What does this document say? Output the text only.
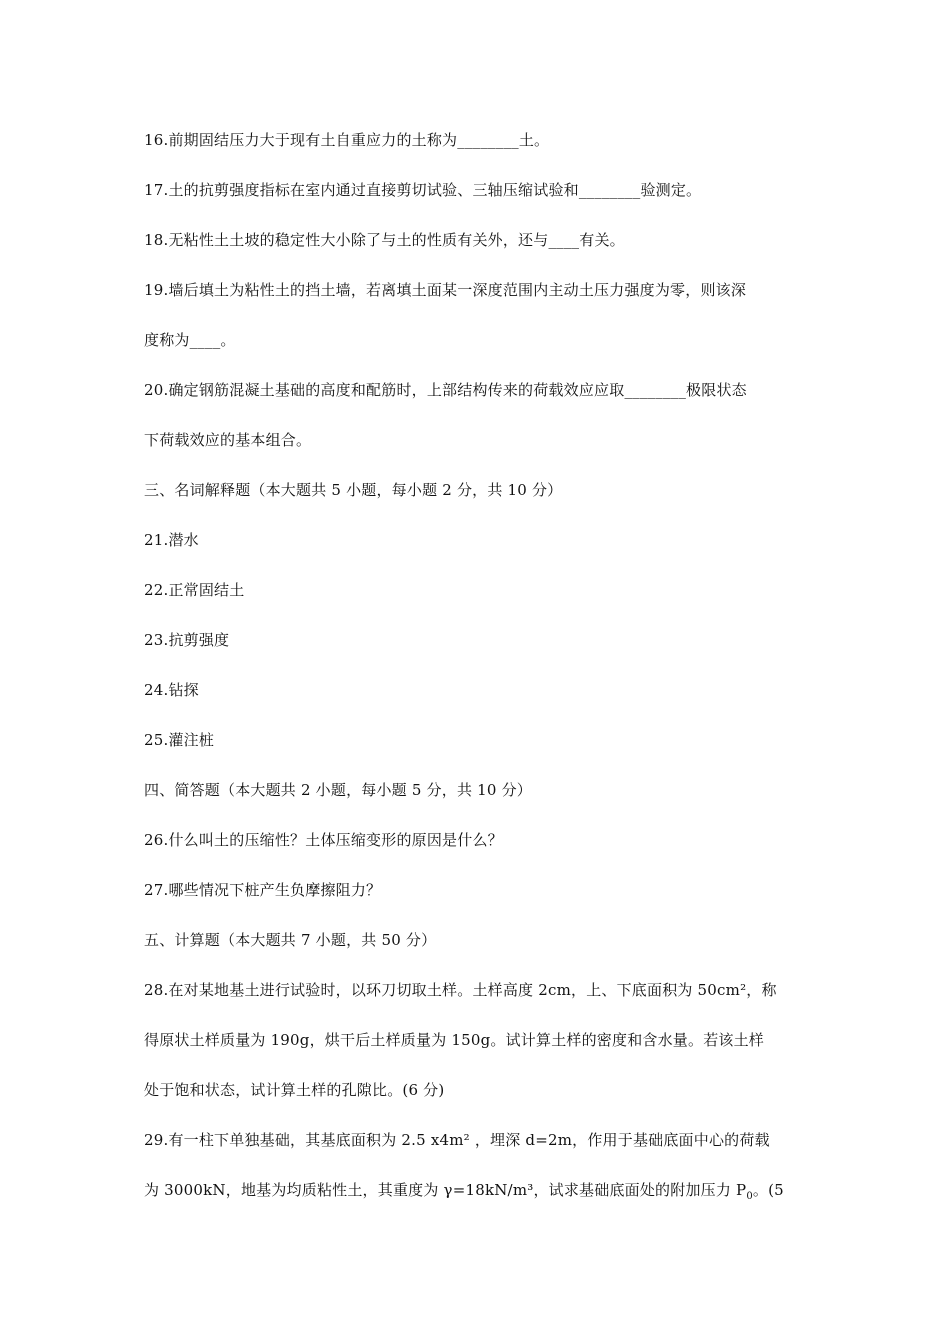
16.前期固结压力大于现有土自重应力的土称为________土。
17.土的抗剪强度指标在室内通过直接剪切试验、三轴压缩试验和________验测定。
18.无粘性土土坡的稳定性大小除了与土的性质有关外，还与____有关。
19.墙后填土为粘性土的挡土墙，若离填土面某一深度范围内主动土压力强度为零，则该深
度称为____。
20.确定钢筋混凝土基础的高度和配筋时，上部结构传来的荷载效应应取________极限状态
下荷载效应的基本组合。
三、名词解释题（本大题共 5 小题，每小题 2 分，共 10 分）
21.潜水
22.正常固结土
23.抗剪强度
24.钻探
25.灌注桩
四、简答题（本大题共 2 小题，每小题 5 分，共 10 分）
26.什么叫土的压缩性？土体压缩变形的原因是什么？
27.哪些情况下桩产生负摩擦阻力？
五、计算题（本大题共 7 小题，共 50 分）
28.在对某地基土进行试验时，以环刀切取土样。土样高度 2cm，上、下底面积为 50cm²，称
得原状土样质量为 190g，烘干后土样质量为 150g。试计算土样的密度和含水量。若该土样
处于饱和状态，试计算土样的孔隙比。(6 分)
29.有一柱下单独基础，其基底面积为 2.5 x4m² ，埋深 d=2m，作用于基础底面中心的荷载
为 3000kN，地基为均质粘性土，其重度为 γ=18kN/m³，试求基础底面处的附加压力 $P_0$。(5
